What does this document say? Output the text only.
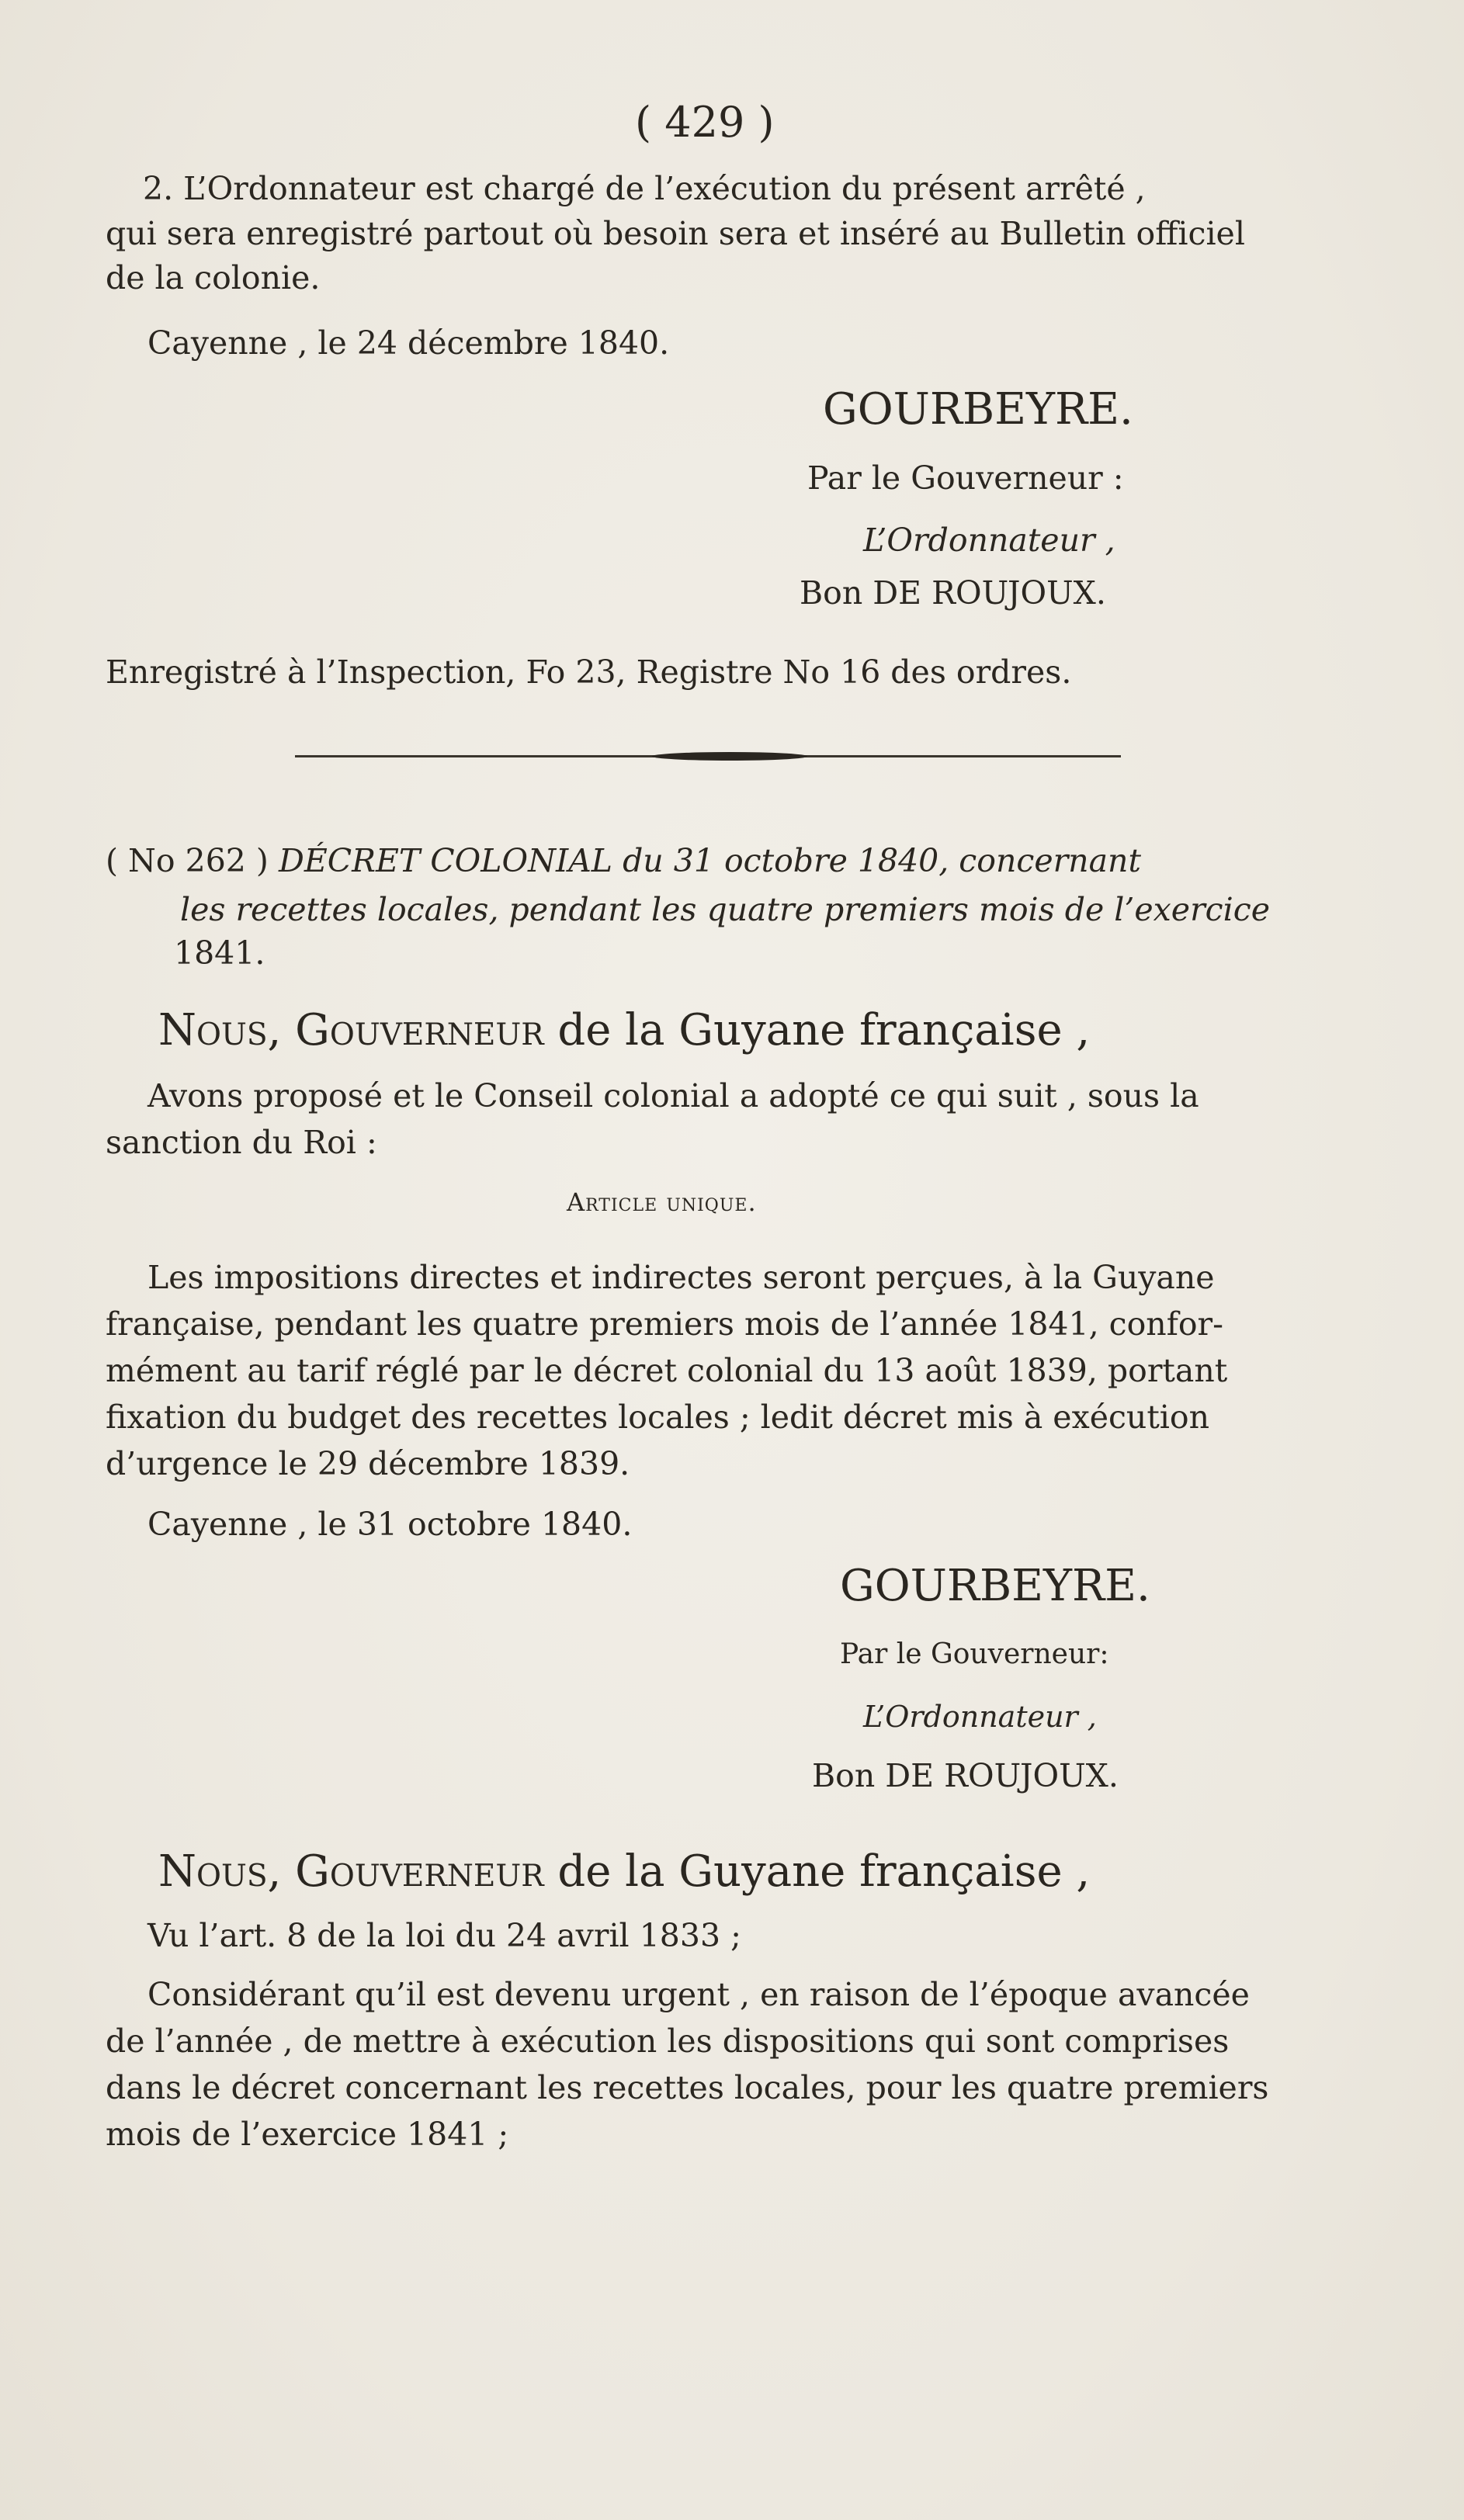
( 429 )
2. L’Ordonnateur est chargé de l’exécution du présent arrêté ,
qui sera enregistré partout où besoin sera et inséré au Bulletin officiel
de la colonie.
Cayenne , le 24 décembre 1840.
GOURBEYRE.
Par le Gouverneur :
L’Ordonnateur ,
Bon DE ROUJOUX.
Enregistré à l’Inspection, Fo 23, Registre No 16 des ordres.
( No 262 ) DÉCRET COLONIAL du 31 octobre 1840, concernant
les recettes locales, pendant les quatre premiers mois de l’exercice
1841.
Nous, Gouverneur de la Guyane française ,
Avons proposé et le Conseil colonial a adopté ce qui suit , sous la
sanction du Roi :
Article unique.
Les impositions directes et indirectes seront perçues, à la Guyane
française, pendant les quatre premiers mois de l’année 1841, confor-
mément au tarif réglé par le décret colonial du 13 août 1839, portant
fixation du budget des recettes locales ; ledit décret mis à exécution
d’urgence le 29 décembre 1839.
Cayenne , le 31 octobre 1840.
GOURBEYRE.
Par le Gouverneur:
L’Ordonnateur ,
Bon DE ROUJOUX.
Nous, Gouverneur de la Guyane française ,
Vu l’art. 8 de la loi du 24 avril 1833 ;
Considérant qu’il est devenu urgent , en raison de l’époque avancée
de l’année , de mettre à exécution les dispositions qui sont comprises
dans le décret concernant les recettes locales, pour les quatre premiers
mois de l’exercice 1841 ;
